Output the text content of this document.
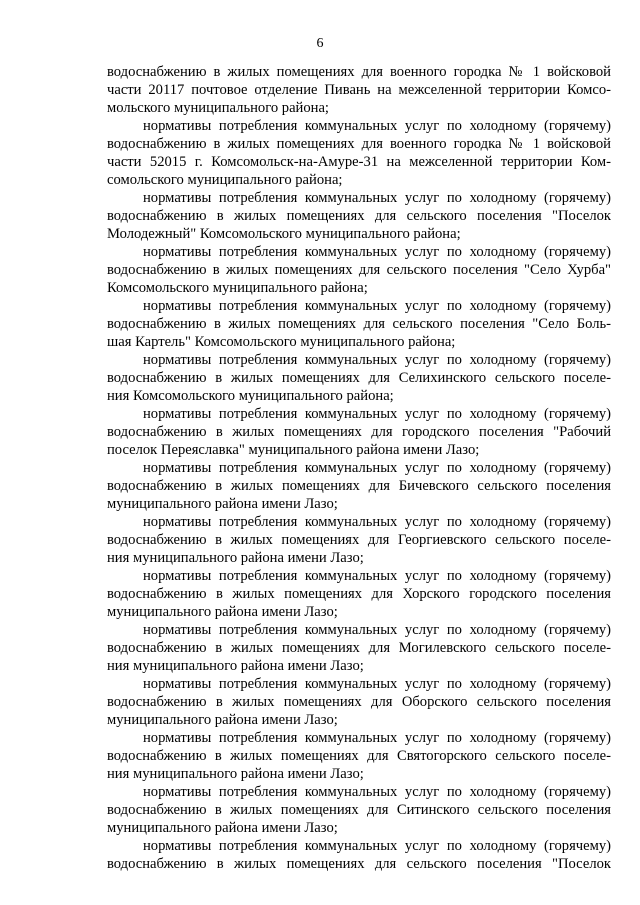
6
водоснабжению в жилых помещениях для военного городка № 1 войсковой
части 20117 почтовое отделение Пивань на межселенной территории Комсо-
мольского муниципального района;
нормативы потребления коммунальных услуг по холодному (горячему)
водоснабжению в жилых помещениях для военного городка № 1 войсковой
части 52015 г. Комсомольск-на-Амуре-31 на межселенной территории Ком-
сомольского муниципального района;
нормативы потребления коммунальных услуг по холодному (горячему)
водоснабжению в жилых помещениях для сельского поселения "Поселок
Молодежный" Комсомольского муниципального района;
нормативы потребления коммунальных услуг по холодному (горячему)
водоснабжению в жилых помещениях для сельского поселения "Село Хурба"
Комсомольского муниципального района;
нормативы потребления коммунальных услуг по холодному (горячему)
водоснабжению в жилых помещениях для сельского поселения "Село Боль-
шая Картель" Комсомольского муниципального района;
нормативы потребления коммунальных услуг по холодному (горячему)
водоснабжению в жилых помещениях для Селихинского сельского поселе-
ния Комсомольского муниципального района;
нормативы потребления коммунальных услуг по холодному (горячему)
водоснабжению в жилых помещениях для городского поселения "Рабочий
поселок Переяславка" муниципального района имени Лазо;
нормативы потребления коммунальных услуг по холодному (горячему)
водоснабжению в жилых помещениях для Бичевского сельского поселения
муниципального района имени Лазо;
нормативы потребления коммунальных услуг по холодному (горячему)
водоснабжению в жилых помещениях для Георгиевского сельского поселе-
ния муниципального района имени Лазо;
нормативы потребления коммунальных услуг по холодному (горячему)
водоснабжению в жилых помещениях для Хорского городского поселения
муниципального района имени Лазо;
нормативы потребления коммунальных услуг по холодному (горячему)
водоснабжению в жилых помещениях для Могилевского сельского поселе-
ния муниципального района имени Лазо;
нормативы потребления коммунальных услуг по холодному (горячему)
водоснабжению в жилых помещениях для Оборского сельского поселения
муниципального района имени Лазо;
нормативы потребления коммунальных услуг по холодному (горячему)
водоснабжению в жилых помещениях для Святогорского сельского поселе-
ния муниципального района имени Лазо;
нормативы потребления коммунальных услуг по холодному (горячему)
водоснабжению в жилых помещениях для Ситинского сельского поселения
муниципального района имени Лазо;
нормативы потребления коммунальных услуг по холодному (горячему)
водоснабжению в жилых помещениях для сельского поселения "Поселок
